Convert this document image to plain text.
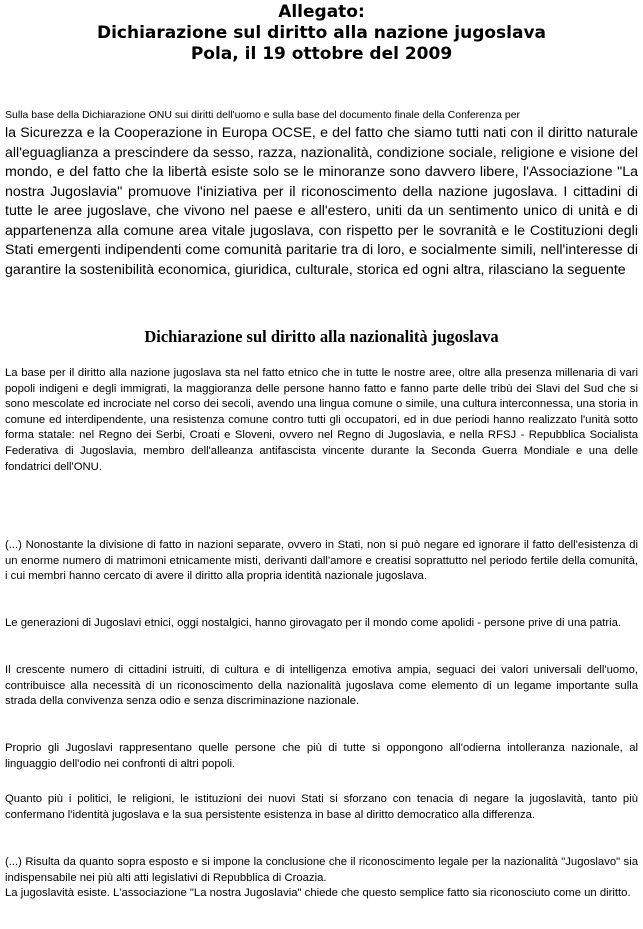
Allegato:
Dichiarazione sul diritto alla nazione jugoslava
Pola, il 19 ottobre del 2009
Sulla base della Dichiarazione ONU sui diritti dell'uomo e sulla base del documento finale della Conferenza per
la Sicurezza e la Cooperazione in Europa OCSE, e del fatto che siamo tutti nati con il diritto naturale all'eguaglianza a prescindere da sesso, razza, nazionalità, condizione sociale, religione e visione del mondo, e del fatto che la libertà esiste solo se le minoranze sono davvero libere, l'Associazione "La nostra Jugoslavia" promuove l'iniziativa per il riconoscimento della nazione jugoslava. I cittadini di tutte le aree jugoslave, che vivono nel paese e all'estero, uniti da un sentimento unico di unità e di appartenenza alla comune area vitale jugoslava, con rispetto per le sovranità e le Costituzioni degli Stati emergenti indipendenti come comunità paritarie tra di loro, e socialmente simili, nell'interesse di garantire la sostenibilità economica, giuridica, culturale, storica ed ogni altra, rilasciano la seguente
Dichiarazione sul diritto alla nazionalità jugoslava
La base per il diritto alla nazione jugoslava sta nel fatto etnico che in tutte le nostre aree, oltre alla presenza millenaria di vari popoli indigeni e degli immigrati, la maggioranza delle persone hanno fatto e fanno parte delle tribù dei Slavi del Sud che si sono mescolate ed incrociate nel corso dei secoli, avendo una lingua comune o simile, una cultura interconnessa, una storia in comune ed interdipendente, una resistenza comune contro tutti gli occupatori, ed in due periodi hanno realizzato l'unità sotto forma statale: nel Regno dei Serbi, Croati e Sloveni, ovvero nel Regno di Jugoslavia, e nella RFSJ - Repubblica Socialista Federativa di Jugoslavia, membro dell'alleanza antifascista vincente durante la Seconda Guerra Mondiale e una delle fondatrici dell'ONU.
(...) Nonostante la divisione di fatto in nazioni separate, ovvero in Stati, non si può negare ed ignorare il fatto dell'esistenza di un enorme numero di matrimoni etnicamente misti, derivanti dall'amore e creatisi soprattutto nel periodo fertile della comunità, i cui membri hanno cercato di avere il diritto alla propria identità nazionale jugoslava.
Le generazioni di Jugoslavi etnici, oggi nostalgici, hanno girovagato per il mondo come apolidi - persone prive di una patria.
Il crescente numero di cittadini istruiti, di cultura e di intelligenza emotiva ampia, seguaci dei valori universali dell'uomo, contribuisce alla necessità di un riconoscimento della nazionalità jugoslava come elemento di un legame importante sulla strada della convivenza senza odio e senza discriminazione nazionale.
Proprio gli Jugoslavi rappresentano quelle persone che più di tutte si oppongono all'odierna intolleranza nazionale, al linguaggio dell'odio nei confronti di altri popoli.
Quanto più i politici, le religioni, le istituzioni dei nuovi Stati si sforzano con tenacia di negare la jugoslavità, tanto più confermano l'identità jugoslava e la sua persistente esistenza in base al diritto democratico alla differenza.
(...) Risulta da quanto sopra esposto e si impone la conclusione che il riconoscimento legale per la nazionalità "Jugoslavo" sia indispensabile nei più alti atti legislativi di Repubblica di Croazia.
La jugoslavità esiste. L'associazione "La nostra Jugoslavia" chiede che questo semplice fatto sia riconosciuto come un diritto.
